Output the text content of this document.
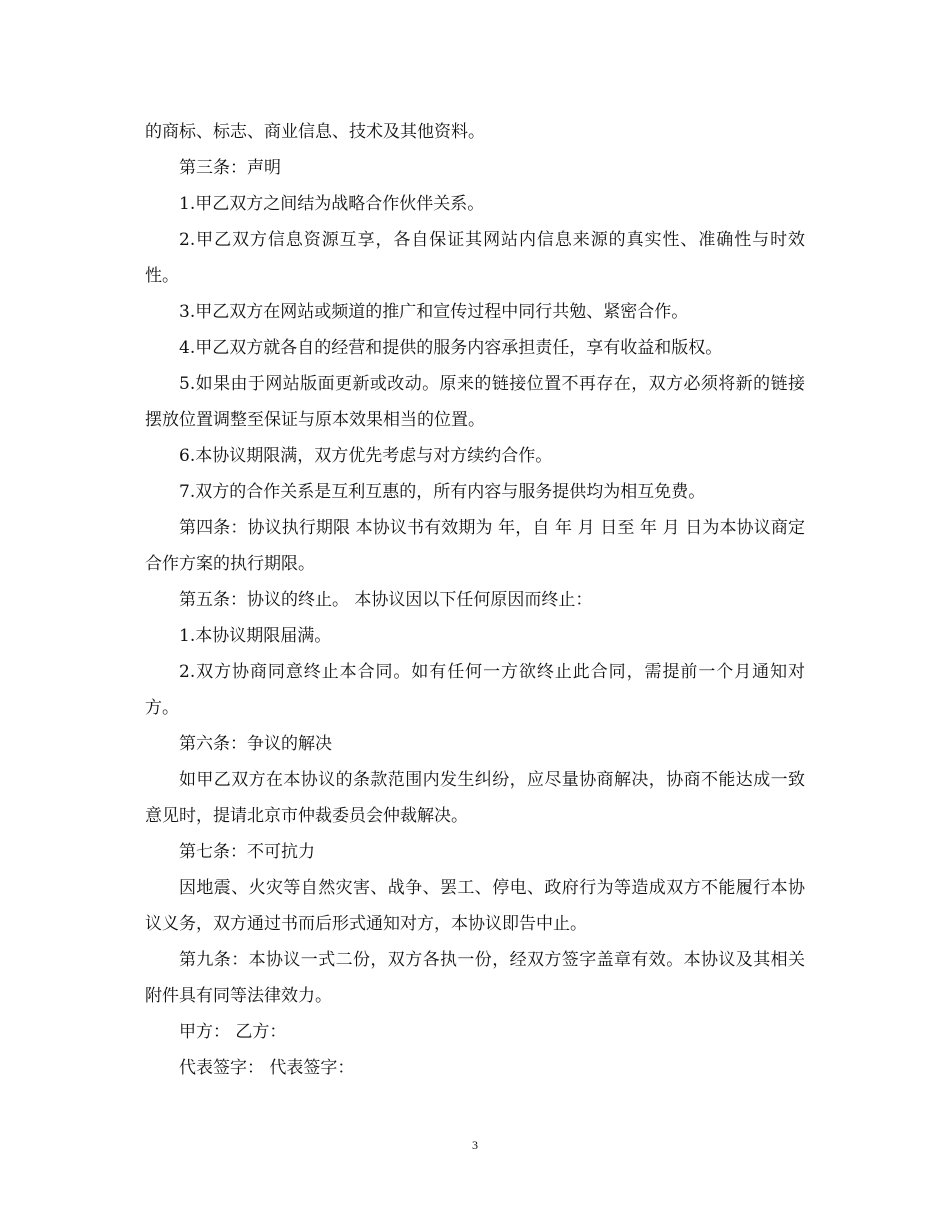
的商标、标志、商业信息、技术及其他资料。

第三条：声明

1.甲乙双方之间结为战略合作伙伴关系。

2.甲乙双方信息资源互享，各自保证其网站内信息来源的真实性、准确性与时效性。

3.甲乙双方在网站或频道的推广和宣传过程中同行共勉、紧密合作。

4.甲乙双方就各自的经营和提供的服务内容承担责任，享有收益和版权。

5.如果由于网站版面更新或改动。原来的链接位置不再存在，双方必须将新的链接摆放位置调整至保证与原本效果相当的位置。

6.本协议期限满，双方优先考虑与对方续约合作。

7.双方的合作关系是互利互惠的，所有内容与服务提供均为相互免费。

第四条：协议执行期限 本协议书有效期为 年，自 年 月 日至 年 月 日为本协议商定合作方案的执行期限。

第五条：协议的终止。 本协议因以下任何原因而终止：

1.本协议期限届满。

2.双方协商同意终止本合同。如有任何一方欲终止此合同，需提前一个月通知对方。

第六条：争议的解决

如甲乙双方在本协议的条款范围内发生纠纷，应尽量协商解决，协商不能达成一致意见时，提请北京市仲裁委员会仲裁解决。

第七条：不可抗力

因地震、火灾等自然灾害、战争、罢工、停电、政府行为等造成双方不能履行本协议义务，双方通过书而后形式通知对方，本协议即告中止。

第九条：本协议一式二份，双方各执一份，经双方签字盖章有效。本协议及其相关附件具有同等法律效力。

甲方： 乙方：

代表签字： 代表签字：

3
